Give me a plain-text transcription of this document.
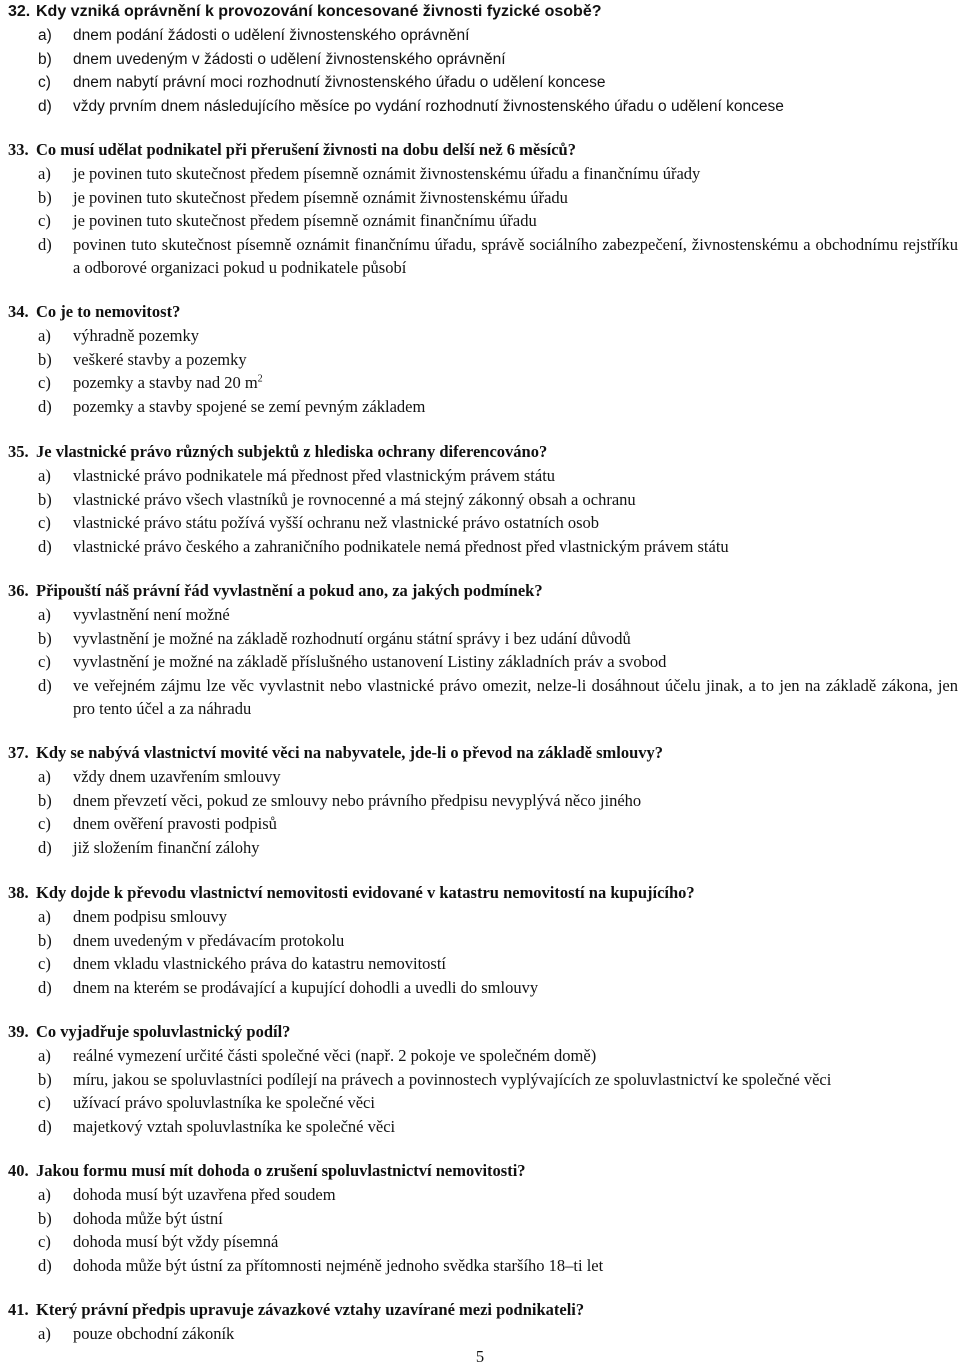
32. Kdy vzniká oprávnění k provozování koncesované živnosti fyzické osobě?
a) dnem podání žádosti o udělení živnostenského oprávnění
b) dnem uvedeným v žádosti o udělení živnostenského oprávnění
c) dnem nabytí právní moci rozhodnutí živnostenského úřadu o udělení koncese
d) vždy prvním dnem následujícího měsíce po vydání rozhodnutí živnostenského úřadu o udělení koncese
33. Co musí udělat podnikatel při přerušení živnosti na dobu delší než 6 měsíců?
a) je povinen tuto skutečnost předem písemně oznámit živnostenskému úřadu a finančnímu úřady
b) je povinen tuto skutečnost předem písemně oznámit živnostenskému úřadu
c) je povinen tuto skutečnost předem písemně oznámit finančnímu úřadu
d) povinen tuto skutečnost písemně oznámit finančnímu úřadu, správě sociálního zabezpečení, živnostenskému a obchodnímu rejstříku a odborové organizaci pokud u podnikatele působí
34. Co je to nemovitost?
a) výhradně pozemky
b) veškeré stavby a pozemky
c) pozemky a stavby nad 20 $m^2$
d) pozemky a stavby spojené se zemí pevným základem
35. Je vlastnické právo různých subjektů z hlediska ochrany diferencováno?
a) vlastnické právo podnikatele má přednost před vlastnickým právem státu
b) vlastnické právo všech vlastníků je rovnocenné a má stejný zákonný obsah a ochranu
c) vlastnické právo státu požívá vyšší ochranu než vlastnické právo ostatních osob
d) vlastnické právo českého a zahraničního podnikatele nemá přednost před vlastnickým právem státu
36. Připouští náš právní řád vyvlastnění a pokud ano, za jakých podmínek?
a) vyvlastnění není možné
b) vyvlastnění je možné na základě rozhodnutí orgánu státní správy i bez udání důvodů
c) vyvlastnění je možné na základě příslušného ustanovení Listiny základních práv a svobod
d) ve veřejném zájmu lze věc vyvlastnit nebo vlastnické právo omezit, nelze-li dosáhnout účelu jinak, a to jen na základě zákona, jen pro tento účel a za náhradu
37. Kdy se nabývá vlastnictví movité věci na nabyvatele, jde-li o převod na základě smlouvy?
a) vždy dnem uzavřením smlouvy
b) dnem převzetí věci, pokud ze smlouvy nebo právního předpisu nevyplývá něco jiného
c) dnem ověření pravosti podpisů
d) již složením finanční zálohy
38. Kdy dojde k převodu vlastnictví nemovitosti evidované v katastru nemovitostí na kupujícího?
a) dnem podpisu smlouvy
b) dnem uvedeným v předávacím protokolu
c) dnem vkladu vlastnického práva do katastru nemovitostí
d) dnem na kterém se prodávající a kupující dohodli a uvedli do smlouvy
39. Co vyjadřuje spoluvlastnický podíl?
a) reálné vymezení určité části společné věci (např. 2 pokoje ve společném domě)
b) míru, jakou se spoluvlastníci podílejí na právech a povinnostech vyplývajících ze spoluvlastnictví ke společné věci
c) užívací právo spoluvlastníka ke společné věci
d) majetkový vztah spoluvlastníka ke společné věci
40. Jakou formu musí mít dohoda o zrušení spoluvlastnictví nemovitosti?
a) dohoda musí být uzavřena před soudem
b) dohoda může být ústní
c) dohoda musí být vždy písemná
d) dohoda může být ústní za přítomnosti nejméně jednoho svědka staršího 18–ti let
41. Který právní předpis upravuje závazkové vztahy uzavírané mezi podnikateli?
a) pouze obchodní zákoník
5
